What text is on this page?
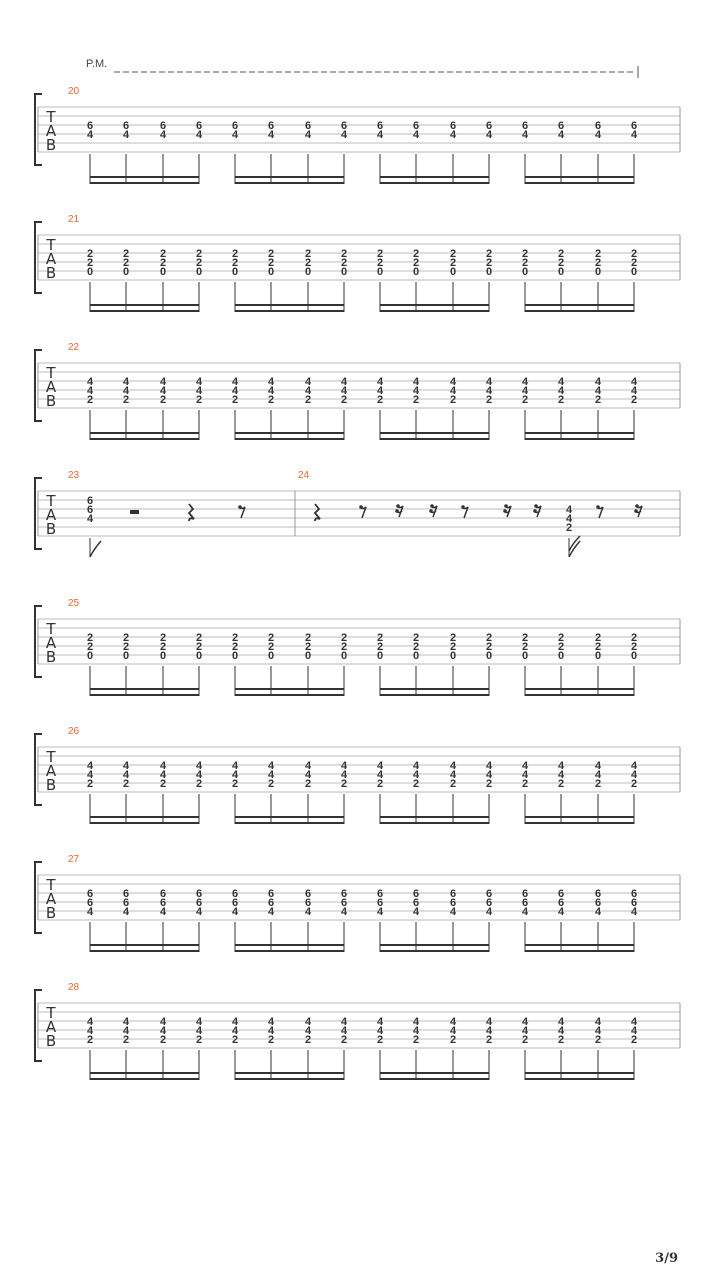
P.M.
T
A
B
20
6
4
6
4
6
4
6
4
6
4
6
4
6
4
6
4
6
4
6
4
6
4
6
4
6
4
6
4
6
4
6
4
T
A
B
21
2
2
0
2
2
0
2
2
0
2
2
0
2
2
0
2
2
0
2
2
0
2
2
0
2
2
0
2
2
0
2
2
0
2
2
0
2
2
0
2
2
0
2
2
0
2
2
0
T
A
B
22
4
4
2
4
4
2
4
4
2
4
4
2
4
4
2
4
4
2
4
4
2
4
4
2
4
4
2
4
4
2
4
4
2
4
4
2
4
4
2
4
4
2
4
4
2
4
4
2
T
A
B
23	24
6
6
4
4
4
2
T
A
B
25
2
2
0
2
2
0
2
2
0
2
2
0
2
2
0
2
2
0
2
2
0
2
2
0
2
2
0
2
2
0
2
2
0
2
2
0
2
2
0
2
2
0
2
2
0
2
2
0
T
A
B
26
4
4
2
4
4
2
4
4
2
4
4
2
4
4
2
4
4
2
4
4
2
4
4
2
4
4
2
4
4
2
4
4
2
4
4
2
4
4
2
4
4
2
4
4
2
4
4
2
T
A
B
27
6
6
4
6
6
4
6
6
4
6
6
4
6
6
4
6
6
4
6
6
4
6
6
4
6
6
4
6
6
4
6
6
4
6
6
4
6
6
4
6
6
4
6
6
4
6
6
4
T
A
B
28
4
4
2
4
4
2
4
4
2
4
4
2
4
4
2
4
4
2
4
4
2
4
4
2
4
4
2
4
4
2
4
4
2
4
4
2
4
4
2
4
4
2
4
4
2
4
4
2
3/9
